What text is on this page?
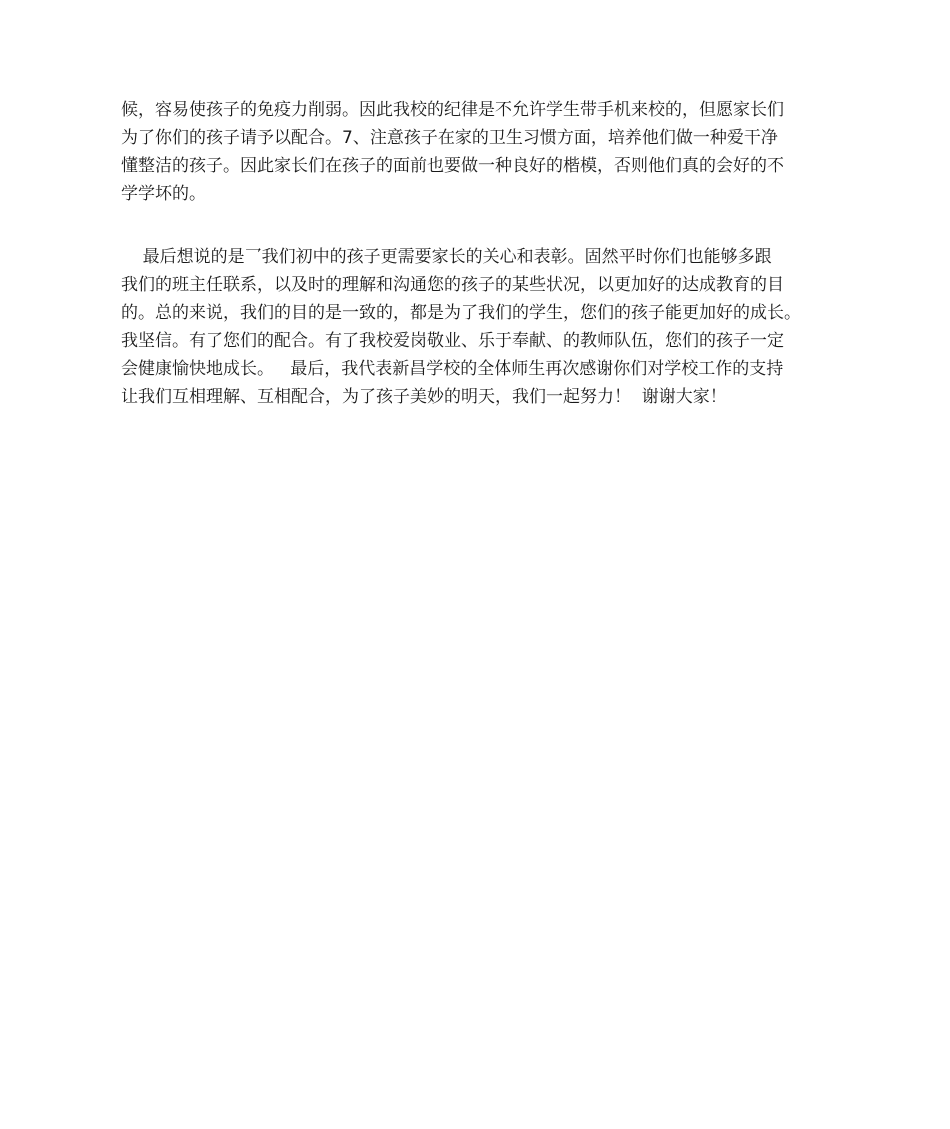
候，容易使孩子的免疫力削弱。因此我校的纪律是不允许学生带手机来校的，但愿家长们
为了你们的孩子请予以配合。7、注意孩子在家的卫生习惯方面，培养他们做一种爱干净
懂整洁的孩子。因此家长们在孩子的面前也要做一种良好的楷模，否则他们真的会好的不
学学坏的。
最后想说的是乛我们初中的孩子更需要家长的关心和表彰。固然平时你们也能够多跟
我们的班主任联系，以及时的理解和沟通您的孩子的某些状况，以更加好的达成教育的目
的。总的来说，我们的目的是一致的，都是为了我们的学生，您们的孩子能更加好的成长。
我坚信。有了您们的配合。有了我校爱岗敬业、乐于奉献、的教师队伍，您们的孩子一定
会健康愉快地成长。   最后，我代表新昌学校的全体师生再次感谢你们对学校工作的支持
让我们互相理解、互相配合，为了孩子美妙的明天，我们一起努力！  谢谢大家！
